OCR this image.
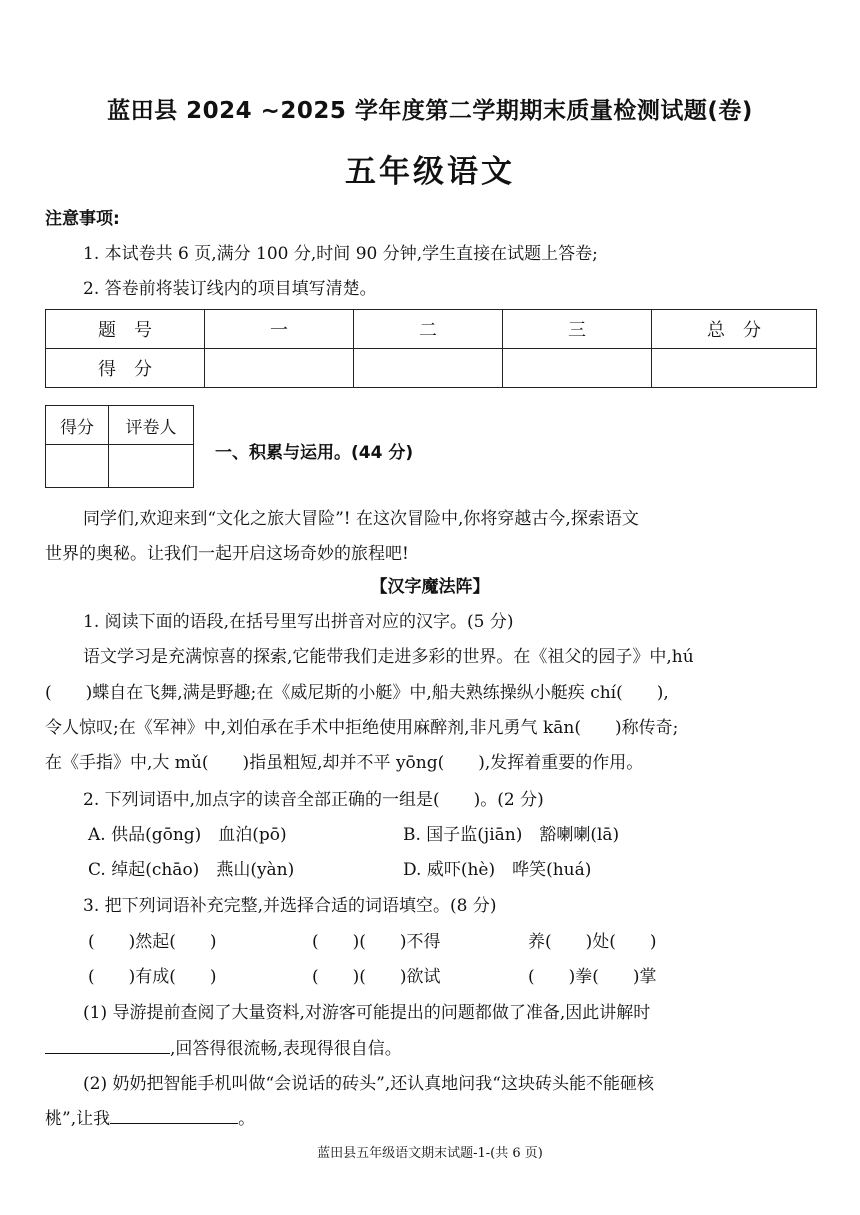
蓝田县 2024 ~2025 学年度第二学期期末质量检测试题(卷)
五年级语文
注意事项:
1. 本试卷共 6 页,满分 100 分,时间 90 分钟,学生直接在试题上答卷;
2. 答卷前将装订线内的项目填写清楚。
题　号	一	二	三	总　分
得　分				
得分	评卷人

一、积累与运用。(44 分)
同学们,欢迎来到“文化之旅大冒险”! 在这次冒险中,你将穿越古今,探索语文
世界的奥秘。让我们一起开启这场奇妙的旅程吧!
【汉字魔法阵】
1. 阅读下面的语段,在括号里写出拼音对应的汉字。(5 分)
语文学习是充满惊喜的探索,它能带我们走进多彩的世界。在《祖父的园子》中,hú
(　　)蝶自在飞舞,满是野趣;在《威尼斯的小艇》中,船夫熟练操纵小艇疾 chí(　　),
令人惊叹;在《军神》中,刘伯承在手术中拒绝使用麻醉剂,非凡勇气 kān(　　)称传奇;
在《手指》中,大 mǔ(　　)指虽粗短,却并不平 yōng(　　),发挥着重要的作用。
2. 下列词语中,加点字的读音全部正确的一组是(　　)。(2 分)
A. 供品(gōng)　血泊(pō)	B. 国子监(jiān)　豁喇喇(lā)
C. 绰起(chāo)　燕山(yàn)	D. 威吓(hè)　哗笑(huá)
3. 把下列词语补充完整,并选择合适的词语填空。(8 分)
(　　)然起(　　)	(　　)(　　)不得	养(　　)处(　　)
(　　)有成(　　)	(　　)(　　)欲试	(　　)拳(　　)掌
(1) 导游提前查阅了大量资料,对游客可能提出的问题都做了准备,因此讲解时
,回答得很流畅,表现得很自信。
(2) 奶奶把智能手机叫做“会说话的砖头”,还认真地问我“这块砖头能不能砸核
桃”,让我	。
蓝田县五年级语文期末试题-1-(共 6 页)
